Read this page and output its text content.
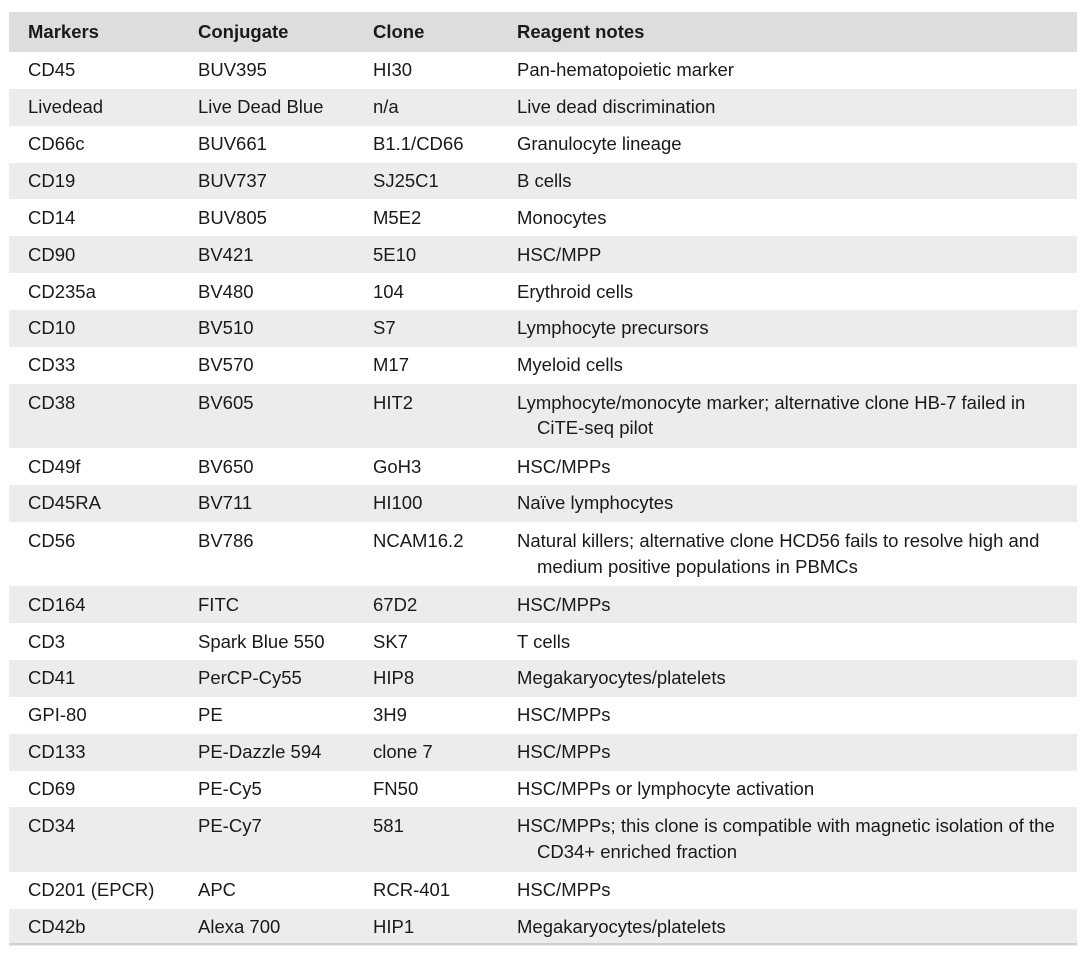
Markers	Conjugate	Clone	Reagent notes
CD45	BUV395	HI30	Pan-hematopoietic marker

Livedead	Live Dead Blue	n/a	Live dead discrimination

CD66c	BUV661	B1.1/CD66	Granulocyte lineage

CD19	BUV737	SJ25C1	B cells

CD14	BUV805	M5E2	Monocytes

CD90	BV421	5E10	HSC/MPP

CD235a	BV480	104	Erythroid cells

CD10	BV510	S7	Lymphocyte precursors

CD33	BV570	M17	Myeloid cells

CD38	BV605	HIT2	Lymphocyte/monocyte marker; alternative clone HB-7 failed in CiTE-seq pilot

CD49f	BV650	GoH3	HSC/MPPs

CD45RA	BV711	HI100	Naïve lymphocytes

CD56	BV786	NCAM16.2	Natural killers; alternative clone HCD56 fails to resolve high and medium positive populations in PBMCs

CD164	FITC	67D2	HSC/MPPs

CD3	Spark Blue 550	SK7	T cells

CD41	PerCP-Cy55	HIP8	Megakaryocytes/platelets

GPI-80	PE	3H9	HSC/MPPs

CD133	PE-Dazzle 594	clone 7	HSC/MPPs

CD69	PE-Cy5	FN50	HSC/MPPs or lymphocyte activation

CD34	PE-Cy7	581	HSC/MPPs; this clone is compatible with magnetic isolation of the CD34+ enriched fraction

CD201 (EPCR)	APC	RCR-401	HSC/MPPs

CD42b	Alexa 700	HIP1	Megakaryocytes/platelets
